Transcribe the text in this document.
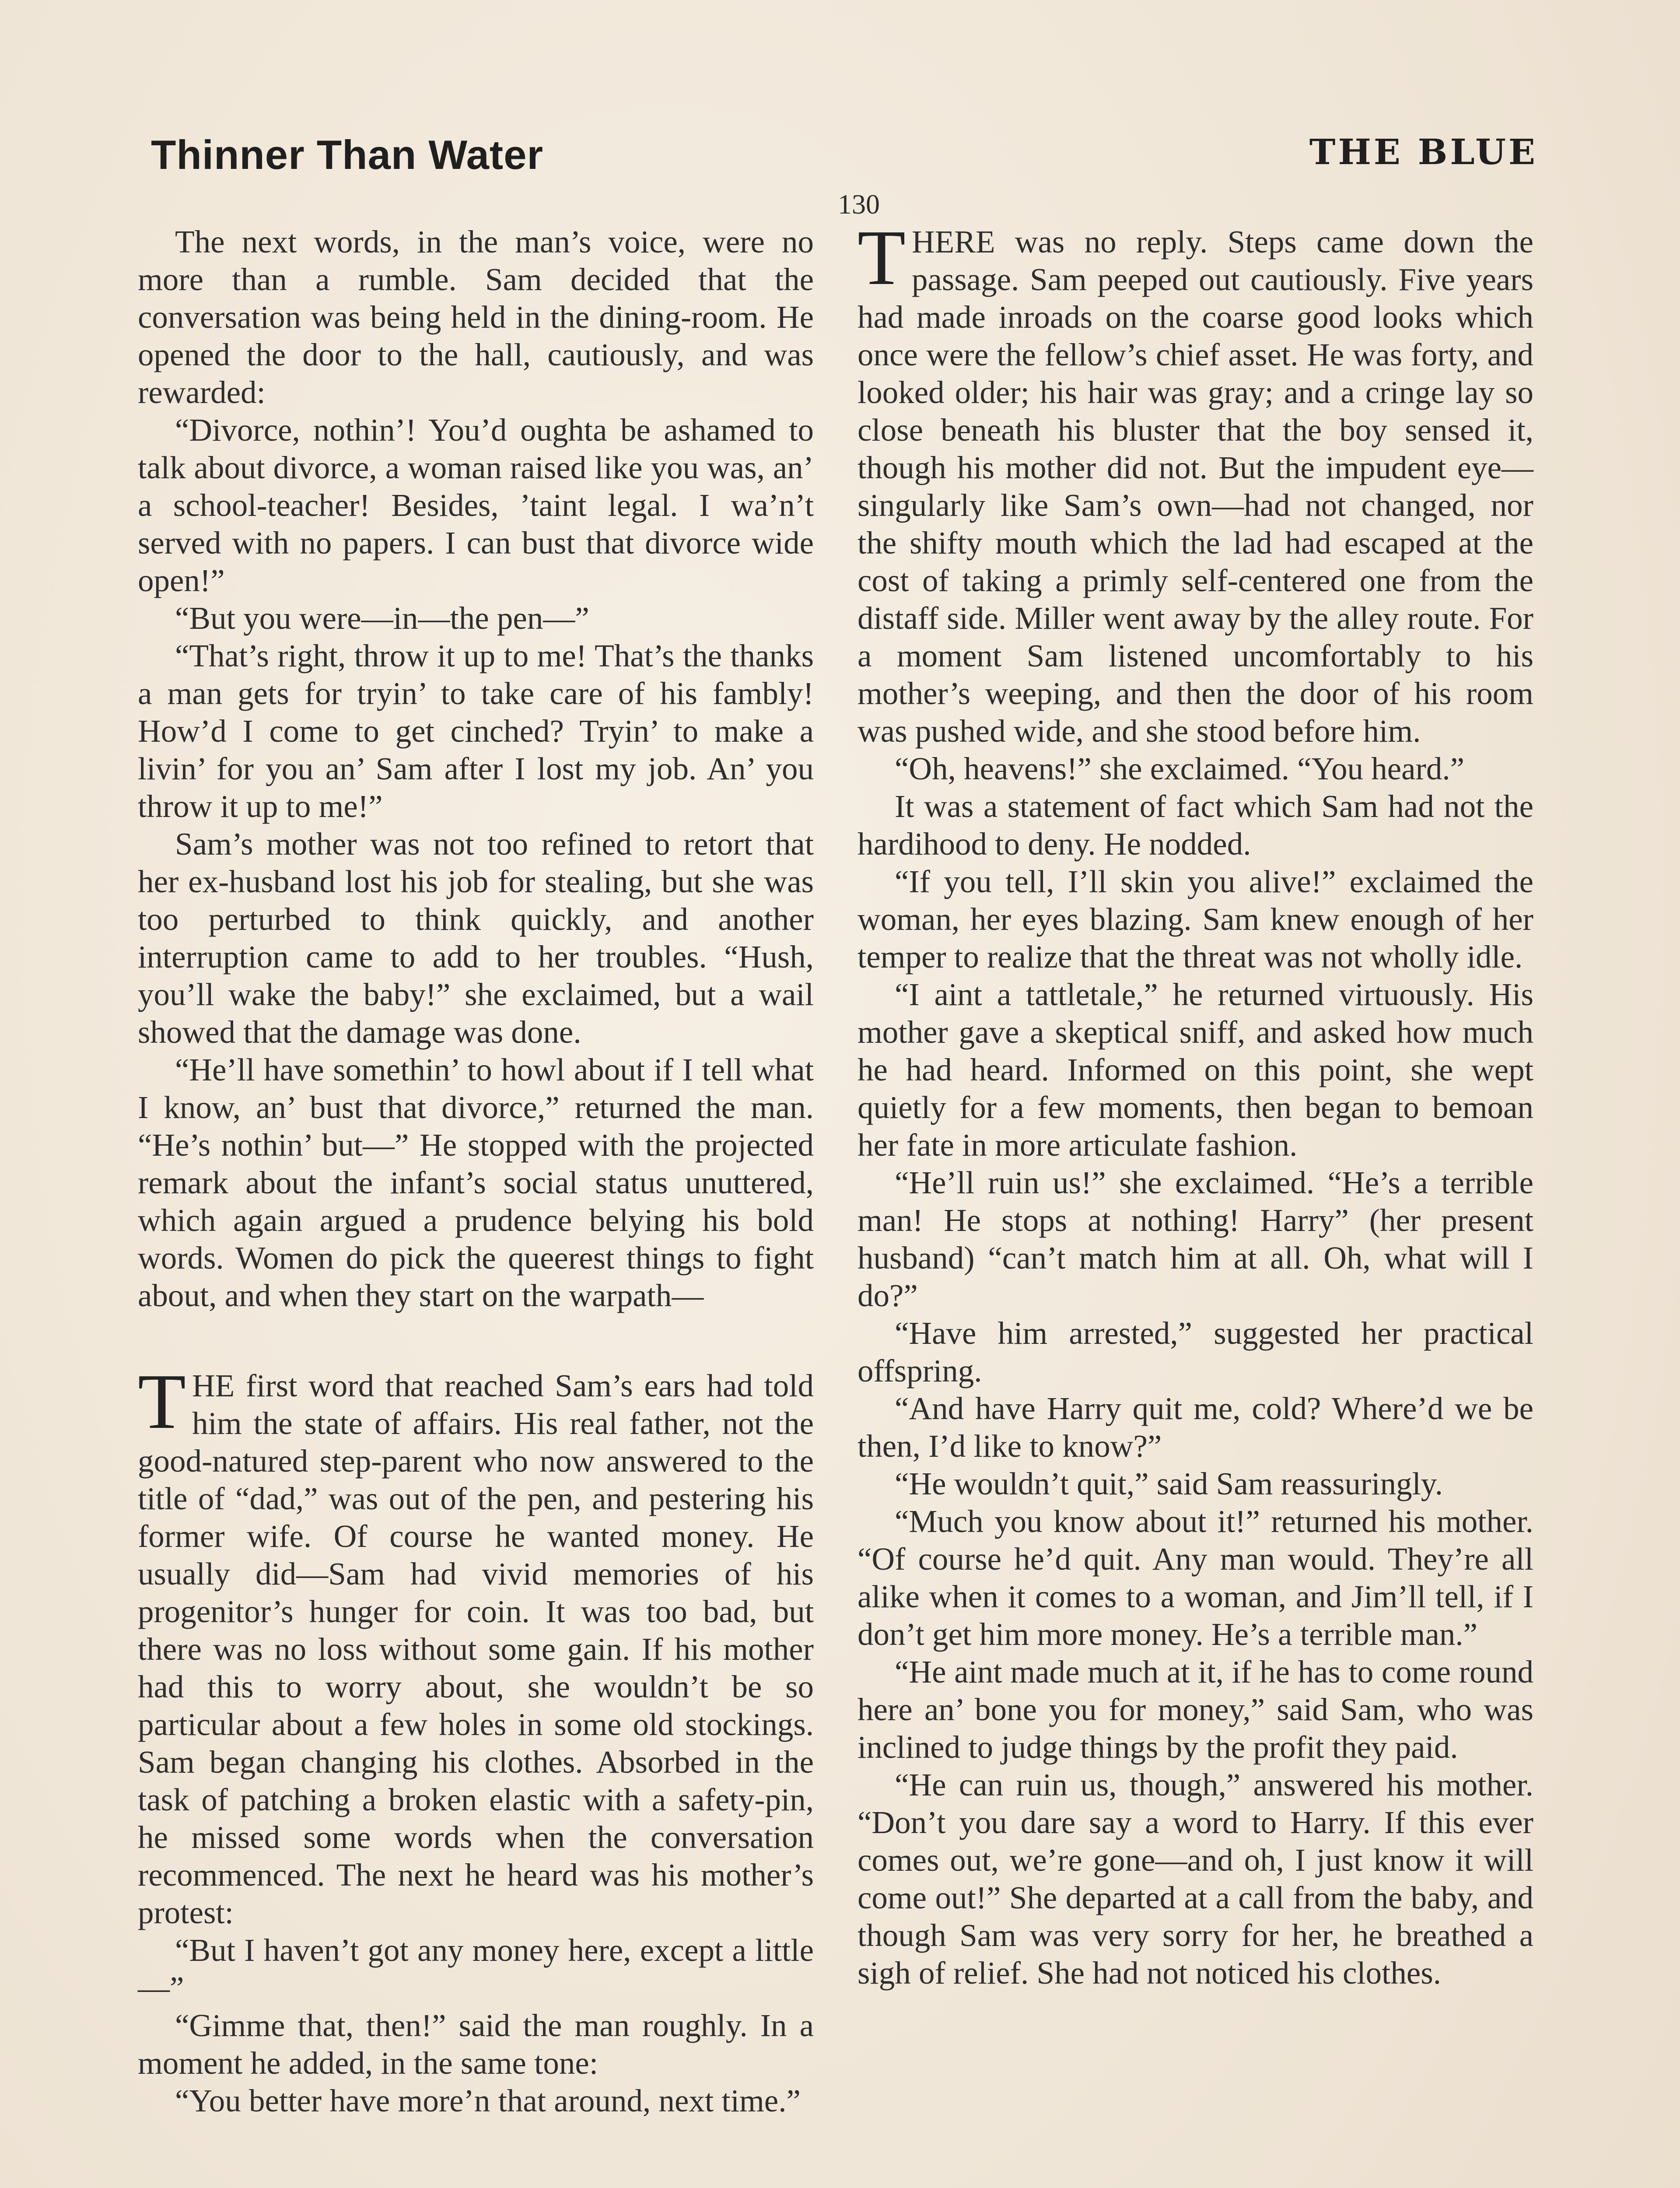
Thinner Than Water	THE BLUE
130

The next words, in the man’s voice, were no more than a rumble. Sam decided that the conversation was being held in the dining-room. He opened the door to the hall, cautiously, and was rewarded:

“Divorce, nothin’! You’d oughta be ashamed to talk about divorce, a woman raised like you was, an’ a school-teacher! Besides, ’taint legal. I wa’n’t served with no papers. I can bust that divorce wide open!”

“But you were—in—the pen—”

“That’s right, throw it up to me! That’s the thanks a man gets for tryin’ to take care of his fambly! How’d I come to get cinched? Tryin’ to make a livin’ for you an’ Sam after I lost my job. An’ you throw it up to me!”

Sam’s mother was not too refined to retort that her ex-husband lost his job for stealing, but she was too perturbed to think quickly, and another interruption came to add to her troubles. “Hush, you’ll wake the baby!” she exclaimed, but a wail showed that the damage was done.

“He’ll have somethin’ to howl about if I tell what I know, an’ bust that divorce,” returned the man. “He’s nothin’ but—” He stopped with the projected remark about the infant’s social status unuttered, which again argued a prudence belying his bold words. Women do pick the queerest things to fight about, and when they start on the warpath—

THE first word that reached Sam’s ears had told him the state of affairs. His real father, not the good-natured step-parent who now answered to the title of “dad,” was out of the pen, and pestering his former wife. Of course he wanted money. He usually did—Sam had vivid memories of his progenitor’s hunger for coin. It was too bad, but there was no loss without some gain. If his mother had this to worry about, she wouldn’t be so particular about a few holes in some old stockings. Sam began changing his clothes. Absorbed in the task of patching a broken elastic with a safety-pin, he missed some words when the conversation recommenced. The next he heard was his mother’s protest:

“But I haven’t got any money here, except a little—”

“Gimme that, then!” said the man roughly. In a moment he added, in the same tone:

“You better have more’n that around, next time.”

THERE was no reply. Steps came down the passage. Sam peeped out cautiously. Five years had made inroads on the coarse good looks which once were the fellow’s chief asset. He was forty, and looked older; his hair was gray; and a cringe lay so close beneath his bluster that the boy sensed it, though his mother did not. But the impudent eye—singularly like Sam’s own—had not changed, nor the shifty mouth which the lad had escaped at the cost of taking a primly self-centered one from the distaff side. Miller went away by the alley route. For a moment Sam listened uncomfortably to his mother’s weeping, and then the door of his room was pushed wide, and she stood before him.

“Oh, heavens!” she exclaimed. “You heard.”

It was a statement of fact which Sam had not the hardihood to deny. He nodded.

“If you tell, I’ll skin you alive!” exclaimed the woman, her eyes blazing. Sam knew enough of her temper to realize that the threat was not wholly idle.

“I aint a tattletale,” he returned virtuously. His mother gave a skeptical sniff, and asked how much he had heard. Informed on this point, she wept quietly for a few moments, then began to bemoan her fate in more articulate fashion.

“He’ll ruin us!” she exclaimed. “He’s a terrible man! He stops at nothing! Harry” (her present husband) “can’t match him at all. Oh, what will I do?”

“Have him arrested,” suggested her practical offspring.

“And have Harry quit me, cold? Where’d we be then, I’d like to know?”

“He wouldn’t quit,” said Sam reassuringly.

“Much you know about it!” returned his mother. “Of course he’d quit. Any man would. They’re all alike when it comes to a woman, and Jim’ll tell, if I don’t get him more money. He’s a terrible man.”

“He aint made much at it, if he has to come round here an’ bone you for money,” said Sam, who was inclined to judge things by the profit they paid.

“He can ruin us, though,” answered his mother. “Don’t you dare say a word to Harry. If this ever comes out, we’re gone—and oh, I just know it will come out!” She departed at a call from the baby, and though Sam was very sorry for her, he breathed a sigh of relief. She had not noticed his clothes.
